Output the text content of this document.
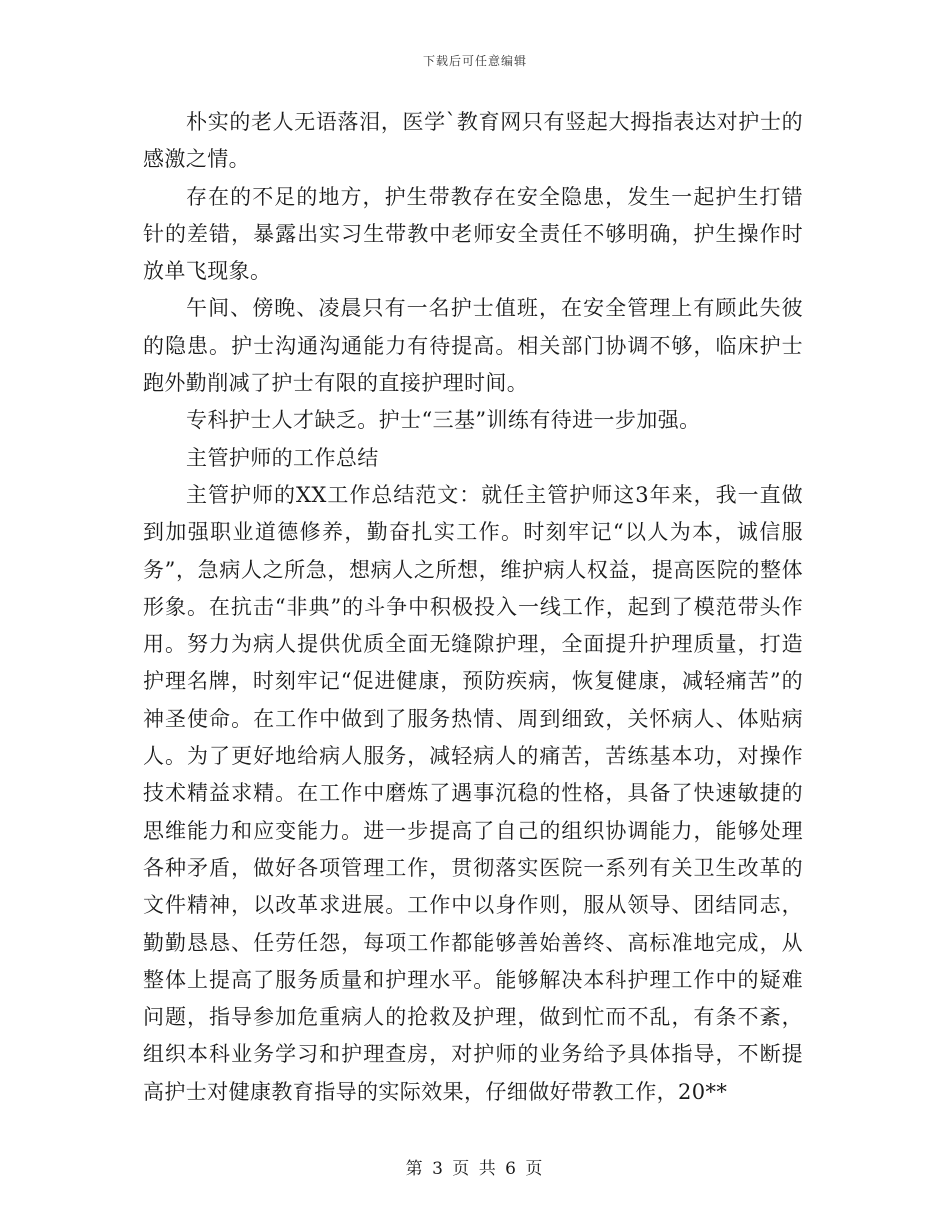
下载后可任意编辑

朴实的老人无语落泪，医学`教育网只有竖起大拇指表达对护士的感激之情。

存在的不足的地方，护生带教存在安全隐患，发生一起护生打错针的差错，暴露出实习生带教中老师安全责任不够明确，护生操作时放单飞现象。

午间、傍晚、凌晨只有一名护士值班，在安全管理上有顾此失彼的隐患。护士沟通沟通能力有待提高。相关部门协调不够，临床护士跑外勤削减了护士有限的直接护理时间。

专科护士人才缺乏。护士“三基”训练有待进一步加强。

主管护师的工作总结

主管护师的XX工作总结范文：就任主管护师这3年来，我一直做到加强职业道德修养，勤奋扎实工作。时刻牢记“以人为本，诚信服务”，急病人之所急，想病人之所想，维护病人权益，提高医院的整体形象。在抗击“非典”的斗争中积极投入一线工作，起到了模范带头作用。努力为病人提供优质全面无缝隙护理，全面提升护理质量，打造护理名牌，时刻牢记“促进健康，预防疾病，恢复健康，减轻痛苦”的神圣使命。在工作中做到了服务热情、周到细致，关怀病人、体贴病人。为了更好地给病人服务，减轻病人的痛苦，苦练基本功，对操作技术精益求精。在工作中磨炼了遇事沉稳的性格，具备了快速敏捷的思维能力和应变能力。进一步提高了自己的组织协调能力，能够处理各种矛盾，做好各项管理工作，贯彻落实医院一系列有关卫生改革的文件精神，以改革求进展。工作中以身作则，服从领导、团结同志，勤勤恳恳、任劳任怨，每项工作都能够善始善终、高标准地完成，从整体上提高了服务质量和护理水平。能够解决本科护理工作中的疑难问题，指导参加危重病人的抢救及护理，做到忙而不乱，有条不紊，组织本科业务学习和护理查房，对护师的业务给予具体指导，不断提高护士对健康教育指导的实际效果，仔细做好带教工作，20**

第 3 页 共 6 页
